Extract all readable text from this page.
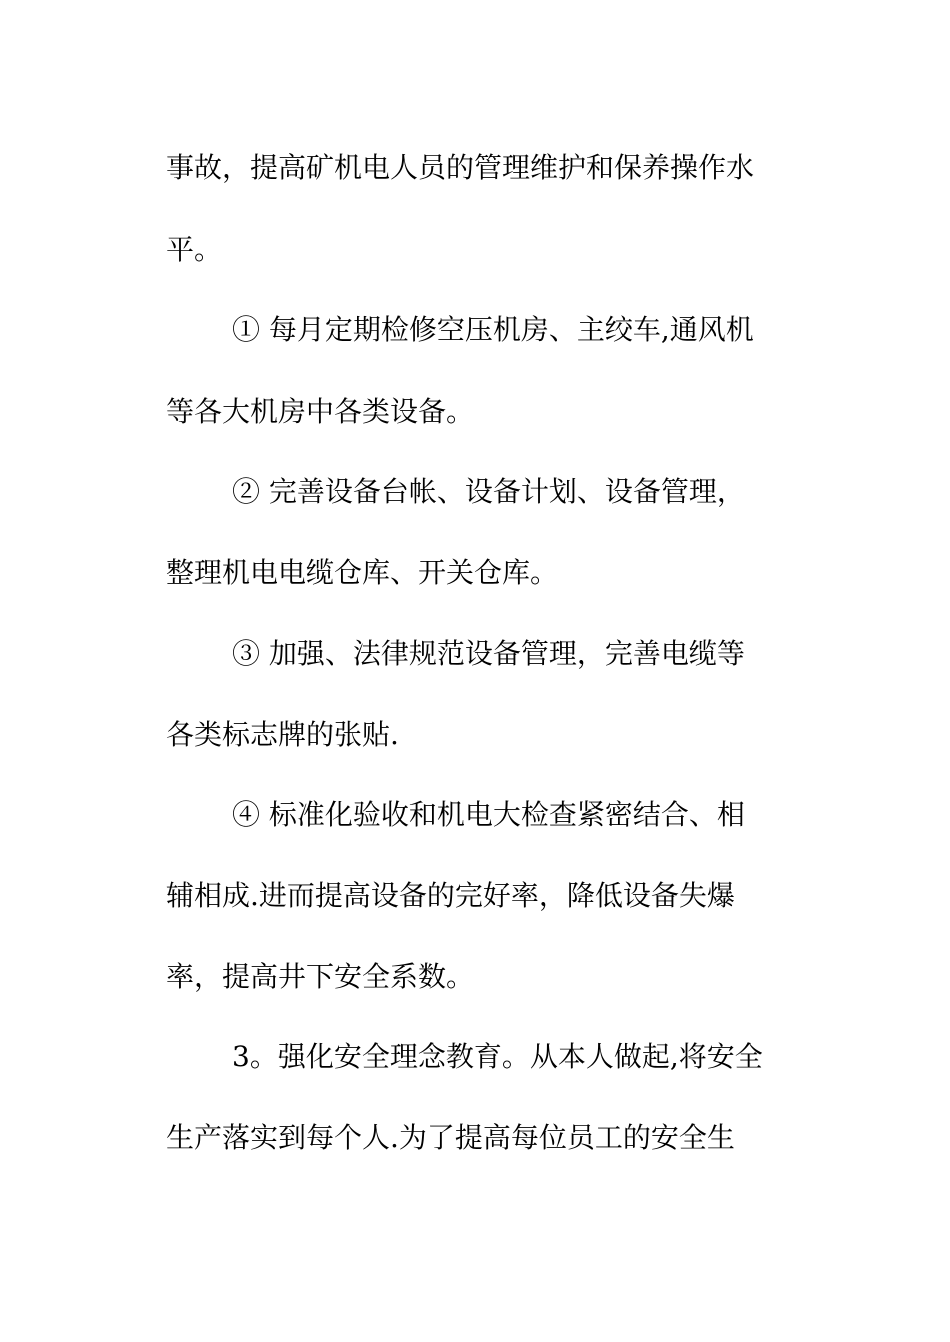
事故，提高矿机电人员的管理维护和保养操作水
平。
① 每月定期检修空压机房、主绞车,通风机
等各大机房中各类设备。
② 完善设备台帐、设备计划、设备管理，
整理机电电缆仓库、开关仓库。
③ 加强、法律规范设备管理，完善电缆等
各类标志牌的张贴.
④ 标准化验收和机电大检查紧密结合、相
辅相成.进而提高设备的完好率，降低设备失爆
率，提高井下安全系数。
3。强化安全理念教育。从本人做起,将安全
生产落实到每个人.为了提高每位员工的安全生
